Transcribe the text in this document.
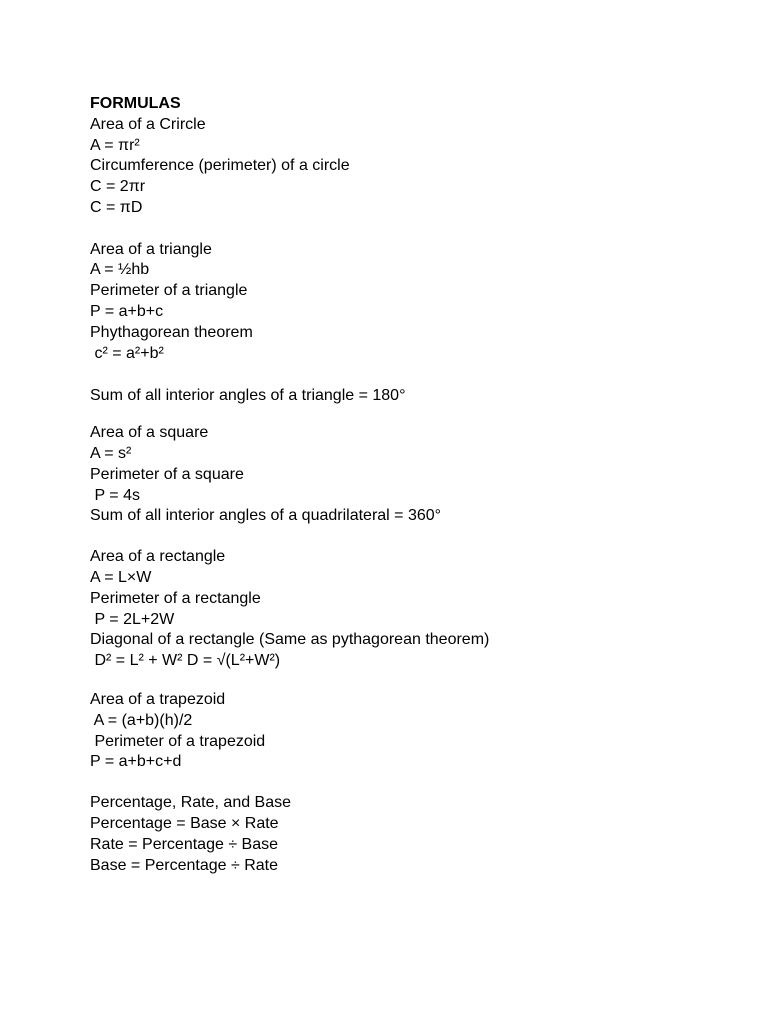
FORMULAS
Area of a Crircle
A = πr²
Circumference (perimeter) of a circle
C = 2πr
C = πD
Area of a triangle
A = ½hb
Perimeter of a triangle
P = a+b+c
Phythagorean theorem
c² = a²+b²
Sum of all interior angles of a triangle = 180°
Area of a square
A = s²
Perimeter of a square
P = 4s
Sum of all interior angles of a quadrilateral = 360°
Area of a rectangle
A = L×W
Perimeter of a rectangle
P = 2L+2W
Diagonal of a rectangle (Same as pythagorean theorem)
D² = L² + W² D = √(L²+W²)
Area of a trapezoid
A = (a+b)(h)/2
Perimeter of a trapezoid
P = a+b+c+d
Percentage, Rate, and Base
Percentage = Base × Rate
Rate = Percentage ÷ Base
Base = Percentage ÷ Rate
